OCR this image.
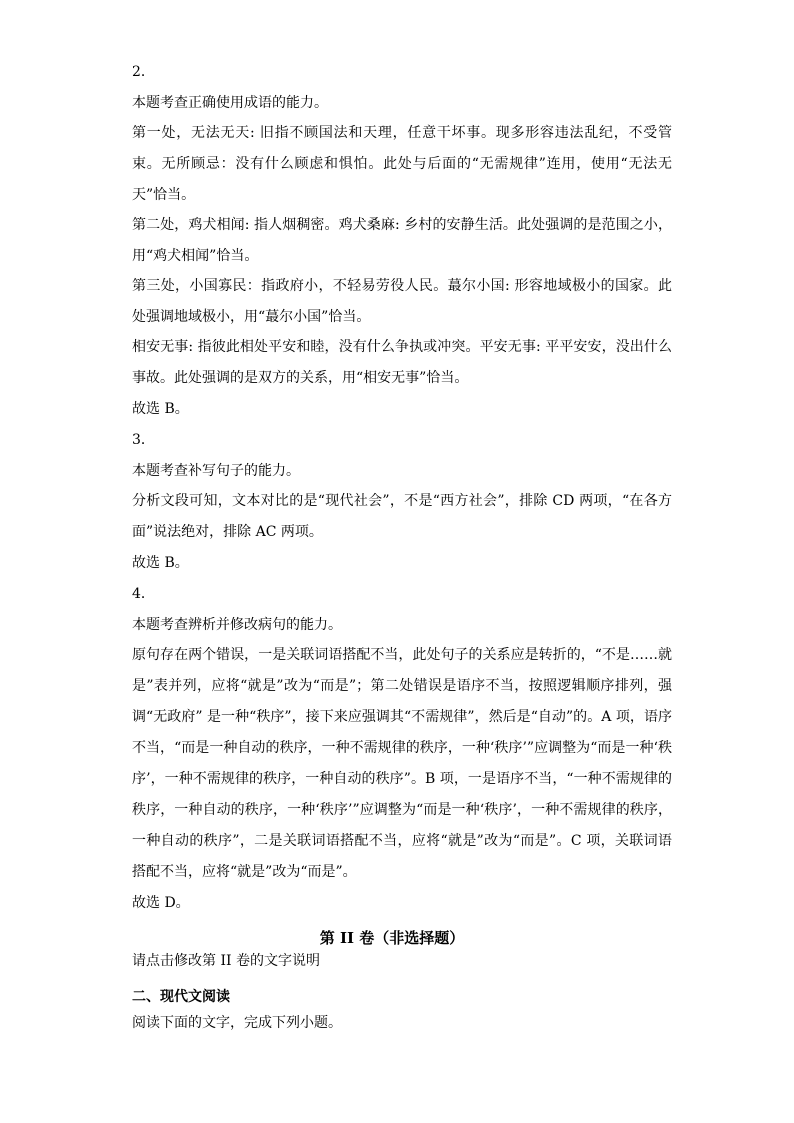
2．
本题考查正确使用成语的能力。
第一处，无法无天: 旧指不顾国法和天理，任意干坏事。现多形容违法乱纪，不受管束。无所顾忌：没有什么顾虑和惧怕。此处与后面的“无需规律”连用，使用“无法无天”恰当。
第二处，鸡犬相闻: 指人烟稠密。鸡犬桑麻: 乡村的安静生活。此处强调的是范围之小，用“鸡犬相闻”恰当。
第三处，小国寡民：指政府小，不轻易劳役人民。蕞尔小国: 形容地域极小的国家。此处强调地域极小，用“蕞尔小国”恰当。
相安无事: 指彼此相处平安和睦，没有什么争执或冲突。平安无事: 平平安安，没出什么事故。此处强调的是双方的关系，用“相安无事”恰当。
故选 B。
3．
本题考查补写句子的能力。
分析文段可知，文本对比的是“现代社会”，不是“西方社会”，排除 CD 两项，“在各方面”说法绝对，排除 AC 两项。
故选 B。
4．
本题考查辨析并修改病句的能力。
原句存在两个错误，一是关联词语搭配不当，此处句子的关系应是转折的，“不是……就是”表并列，应将“就是”改为“而是”；第二处错误是语序不当，按照逻辑顺序排列，强调“无政府” 是一种“秩序”，接下来应强调其“不需规律”，然后是“自动”的。A 项，语序不当，“而是一种自动的秩序，一种不需规律的秩序，一种‘秩序’”应调整为“而是一种‘秩序’，一种不需规律的秩序，一种自动的秩序”。B 项，一是语序不当，“一种不需规律的秩序，一种自动的秩序，一种‘秩序’”应调整为“而是一种‘秩序’，一种不需规律的秩序，一种自动的秩序”，二是关联词语搭配不当，应将“就是”改为“而是”。C 项，关联词语搭配不当，应将“就是”改为“而是”。
故选 D。
第 II 卷（非选择题）
请点击修改第 II 卷的文字说明
二、现代文阅读
阅读下面的文字，完成下列小题。
